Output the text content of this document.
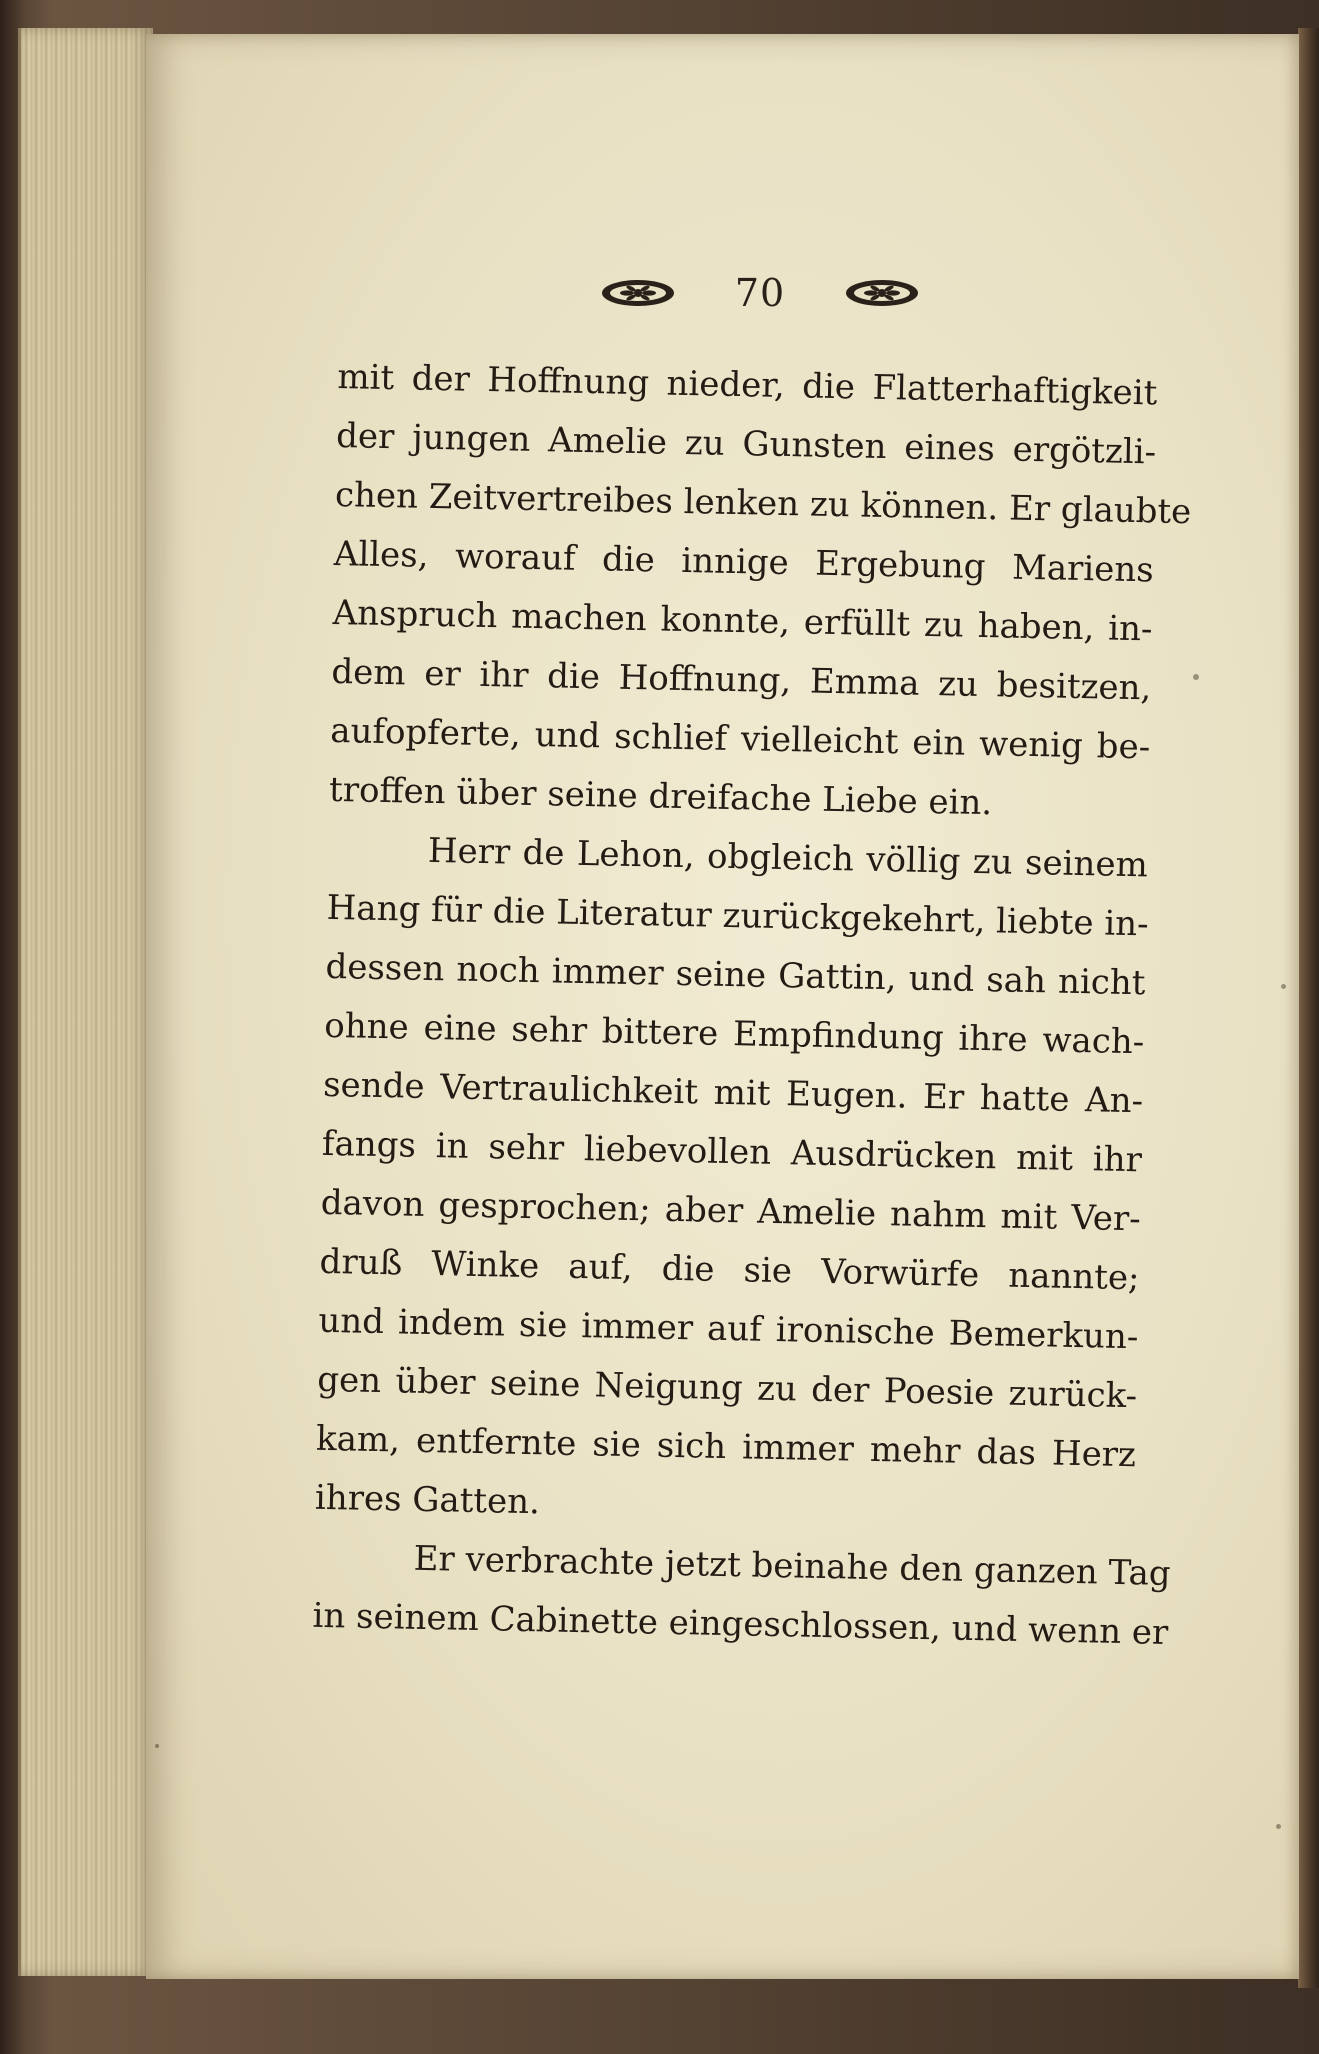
70

mit der Hoffnung nieder, die Flatterhaftigkeit
der jungen Amelie zu Gunsten eines ergötzli-
chen Zeitvertreibes lenken zu können. Er glaubte
Alles, worauf die innige Ergebung Mariens
Anspruch machen konnte, erfüllt zu haben, in-
dem er ihr die Hoffnung, Emma zu besitzen,
aufopferte, und schlief vielleicht ein wenig be-
troffen über seine dreifache Liebe ein.

Herr de Lehon, obgleich völlig zu seinem
Hang für die Literatur zurückgekehrt, liebte in-
dessen noch immer seine Gattin, und sah nicht
ohne eine sehr bittere Empfindung ihre wach-
sende Vertraulichkeit mit Eugen. Er hatte An-
fangs in sehr liebevollen Ausdrücken mit ihr
davon gesprochen; aber Amelie nahm mit Ver-
druß Winke auf, die sie Vorwürfe nannte;
und indem sie immer auf ironische Bemerkun-
gen über seine Neigung zu der Poesie zurück-
kam, entfernte sie sich immer mehr das Herz
ihres Gatten.

Er verbrachte jetzt beinahe den ganzen Tag
in seinem Cabinette eingeschlossen, und wenn er
